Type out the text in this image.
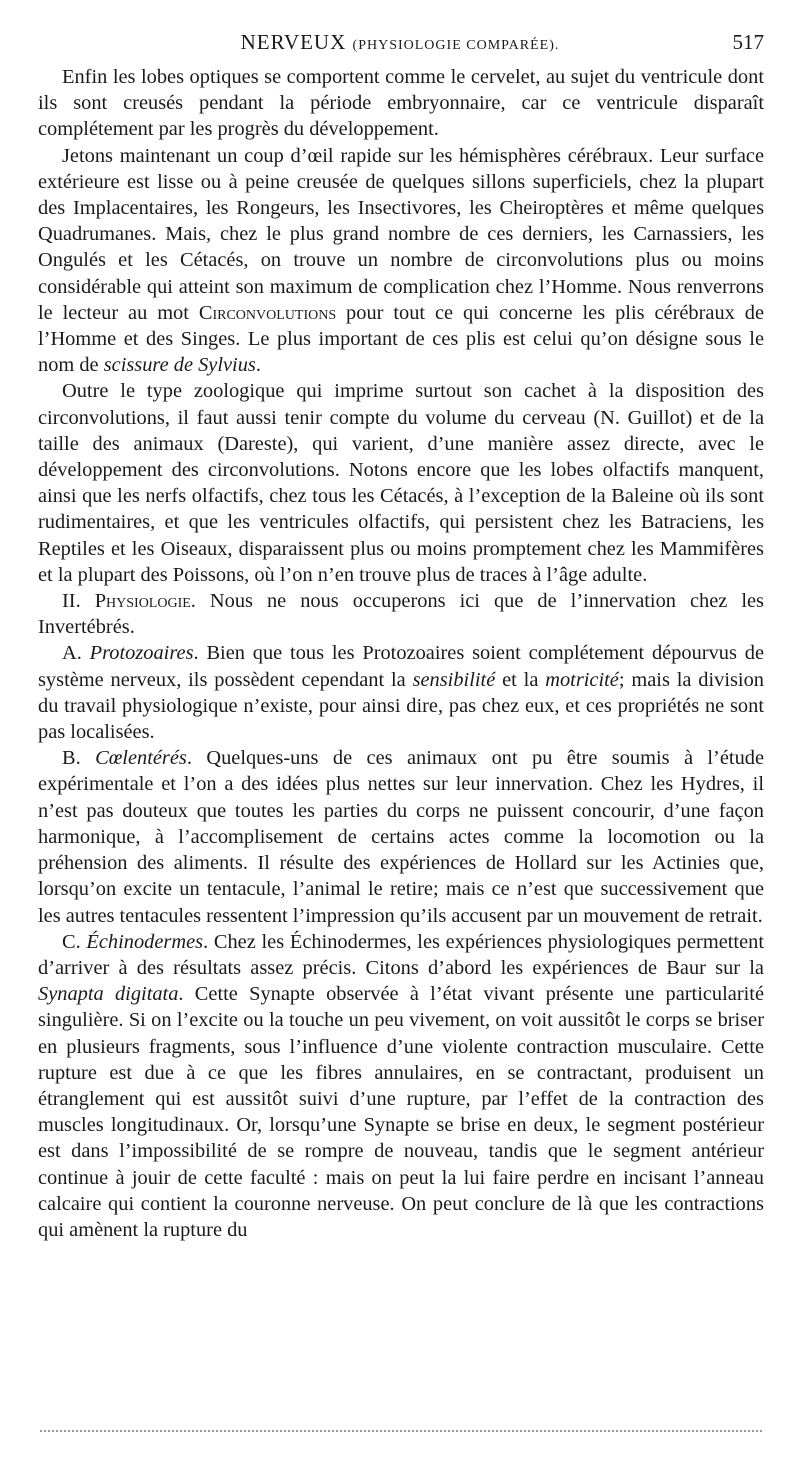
NERVEUX (PHYSIOLOGIE COMPARÉE).	517

Enfin les lobes optiques se comportent comme le cervelet, au sujet du ventricule dont ils sont creusés pendant la période embryonnaire, car ce ventricule disparaît complétement par les progrès du développement.

Jetons maintenant un coup d’œil rapide sur les hémisphères cérébraux. Leur surface extérieure est lisse ou à peine creusée de quelques sillons superficiels, chez la plupart des Implacentaires, les Rongeurs, les Insectivores, les Cheiroptères et même quelques Quadrumanes. Mais, chez le plus grand nombre de ces derniers, les Carnassiers, les Ongulés et les Cétacés, on trouve un nombre de circonvolutions plus ou moins considérable qui atteint son maximum de complication chez l’Homme. Nous renverrons le lecteur au mot Circonvolutions pour tout ce qui concerne les plis cérébraux de l’Homme et des Singes. Le plus important de ces plis est celui qu’on désigne sous le nom de scissure de Sylvius.

Outre le type zoologique qui imprime surtout son cachet à la disposition des circonvolutions, il faut aussi tenir compte du volume du cerveau (N. Guillot) et de la taille des animaux (Dareste), qui varient, d’une manière assez directe, avec le développement des circonvolutions. Notons encore que les lobes olfactifs manquent, ainsi que les nerfs olfactifs, chez tous les Cétacés, à l’exception de la Baleine où ils sont rudimentaires, et que les ventricules olfactifs, qui persistent chez les Batraciens, les Reptiles et les Oiseaux, disparaissent plus ou moins promptement chez les Mammifères et la plupart des Poissons, où l’on n’en trouve plus de traces à l’âge adulte.

II. Physiologie. Nous ne nous occuperons ici que de l’innervation chez les Invertébrés.

A. Protozoaires. Bien que tous les Protozoaires soient complétement dépourvus de système nerveux, ils possèdent cependant la sensibilité et la motricité; mais la division du travail physiologique n’existe, pour ainsi dire, pas chez eux, et ces propriétés ne sont pas localisées.

B. Cœlentérés. Quelques-uns de ces animaux ont pu être soumis à l’étude expérimentale et l’on a des idées plus nettes sur leur innervation. Chez les Hydres, il n’est pas douteux que toutes les parties du corps ne puissent concourir, d’une façon harmonique, à l’accomplisement de certains actes comme la locomotion ou la préhension des aliments. Il résulte des expériences de Hollard sur les Actinies que, lorsqu’on excite un tentacule, l’animal le retire; mais ce n’est que successivement que les autres tentacules ressentent l’impression qu’ils accusent par un mouvement de retrait.

C. Échinodermes. Chez les Échinodermes, les expériences physiologiques permettent d’arriver à des résultats assez précis. Citons d’abord les expériences de Baur sur la Synapta digitata. Cette Synapte observée à l’état vivant présente une particularité singulière. Si on l’excite ou la touche un peu vivement, on voit aussitôt le corps se briser en plusieurs fragments, sous l’influence d’une violente contraction musculaire. Cette rupture est due à ce que les fibres annulaires, en se contractant, produisent un étranglement qui est aussitôt suivi d’une rupture, par l’effet de la contraction des muscles longitudinaux. Or, lorsqu’une Synapte se brise en deux, le segment postérieur est dans l’impossibilité de se rompre de nouveau, tandis que le segment antérieur continue à jouir de cette faculté : mais on peut la lui faire perdre en incisant l’anneau calcaire qui contient la couronne nerveuse. On peut conclure de là que les contractions qui amènent la rupture du
